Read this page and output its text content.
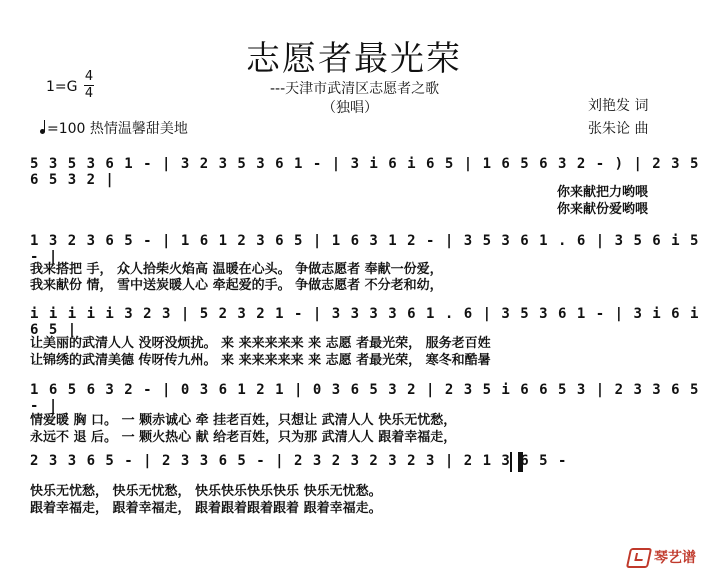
志愿者最光荣
---天津市武清区志愿者之歌
（独唱）
1=G
4
4
=100 热情温馨甜美地
刘艳发 词
张朱论 曲
5 3 5 3 6 1 - | 3 2 3 5 3 6 1 - | 3 i 6 i 6 5 | 1 6 5 6 3 2 - ) | 2 3 5 6 5 3 2 |
你来献把力哟喂
你来献份爱哟喂
1 3 2 3 6 5 - | 1 6 1 2 3 6 5 | 1 6 3 1 2 - | 3 5 3 6 1 . 6 | 3 5 6 i 5 - |
我来搭把 手， 众人拾柴火焰高 温暖在心头。 争做志愿者 奉献一份爱，
我来献份 情， 雪中送炭暖人心 牵起爱的手。 争做志愿者 不分老和幼，
i i i i i 3 2 3 | 5 2 3 2 1 - | 3 3 3 3 6 1 . 6 | 3 5 3 6 1 - | 3 i 6 i 6 5 |
让美丽的武清人人 没呀没烦扰。 来 来来来来来 来 志愿 者最光荣， 服务老百姓
让锦绣的武清美德 传呀传九州。 来 来来来来来 来 志愿 者最光荣， 寒冬和酷暑
1 6 5 6 3 2 - | 0 3 6 1 2 1 | 0 3 6 5 3 2 | 2 3 5 i 6 6 5 3 | 2 3 3 6 5 - |
情爱暖 胸 口。 一 颗赤诚心 牵 挂老百姓，只想让 武清人人 快乐无忧愁，
永远不 退 后。 一 颗火热心 献 给老百姓，只为那 武清人人 跟着幸福走，
2 3 3 6 5 - | 2 3 3 6 5 - | 2 3 2 3 2 3 2 3 | 2 1 3 6 5 -
快乐无忧愁， 快乐无忧愁， 快乐快乐快乐快乐 快乐无忧愁。
跟着幸福走， 跟着幸福走， 跟着跟着跟着跟着 跟着幸福走。
琴艺谱
